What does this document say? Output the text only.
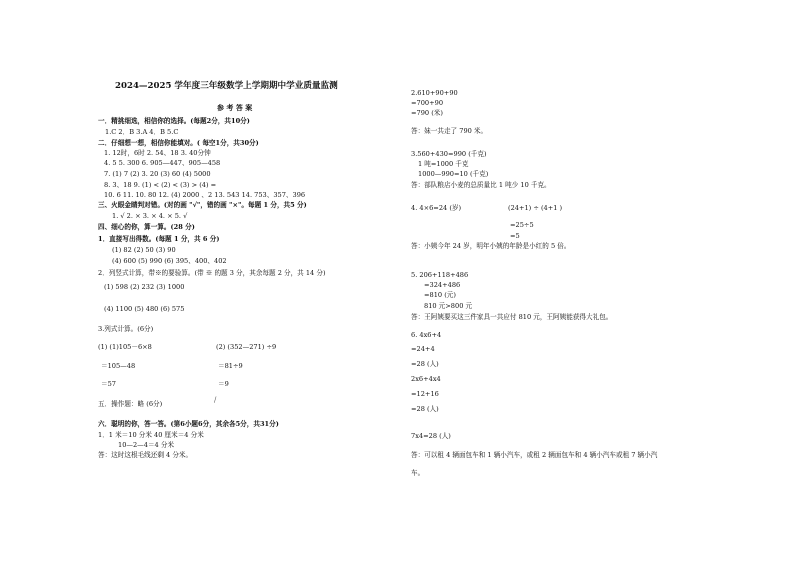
2024—2025 学年度三年级数学上学期期中学业质量监测
参 考 答 案
一．精挑细选，相信你的选择。(每题2分，共10分)
1.C 2．B 3.A 4．B 5.C
二．仔细想一想，相信你能填对。( 每空1分，共30分)
1. 12时，6时 2. 54、18 3. 40分钟
4. 5 5. 300 6. 905—447、905—458
7. (1) 7 (2) 3. 20 (3) 60 (4) 5000
8. 3、18 9. (1) < (2) < (3) > (4) =
10. 6 11. 10. 80 12. (4) 2000 、2 13. 543 14. 753、357、396
三、火眼金睛判对错。(对的画 "√"，错的画 "×"。每题 1 分，共5 分)
1. √ 2. × 3. × 4. × 5. √
四、细心的你，算一算。(28 分)
1．直接写出得数。(每题 1 分，共 6 分)
(1) 82 (2) 50 (3) 90
(4) 600 (5) 990 (6) 395、400、402
2．列竖式计算，带※的要验算。(带 ※ 的题 3 分，其余每题 2 分，共 14 分)
(1) 598 (2) 232 (3) 1000
(4) 1100 (5) 480 (6) 575
3.列式计算。(6分)
(1) (1)105－6×8	(2) (352—271) ÷9
＝105—48	＝81÷9
＝57	＝9
/
五．操作题：略 (6分)
六．聪明的你，答一答。(第6小题6分，其余各5分，共31分)
1．1 米＝10 分米 40 厘米＝4 分米
10—2—4＝4 分米
答：这时这根毛线还剩 4 分米。
2.610+90+90
=700+90
=790 (米)
答：妹一共走了 790 米。
3.560+430=990 (千克)
1 吨=1000 千克
1000—990=10 (千克)
答：部队粮店小麦的总质量比 1 吨少 10 千克。
4. 4×6=24 (岁)	(24+1) ÷ (4+1 )
=25÷5
=5
答：小姨今年 24 岁，明年小姨的年龄是小红的 5 倍。
5. 206+118+486
=324+486
=810 (元)
810 元>800 元
答：王阿姨要买这三件家具一共应付 810 元，王阿姨能获得大礼包。
6. 4x6+4
=24+4
=28 (人)
2x6+4x4
=12+16
=28 (人)
7x4=28 (人)
答：可以租 4 辆面包车和 1 辆小汽车，或租 2 辆面包车和 4 辆小汽车或租 7 辆小汽
车。
